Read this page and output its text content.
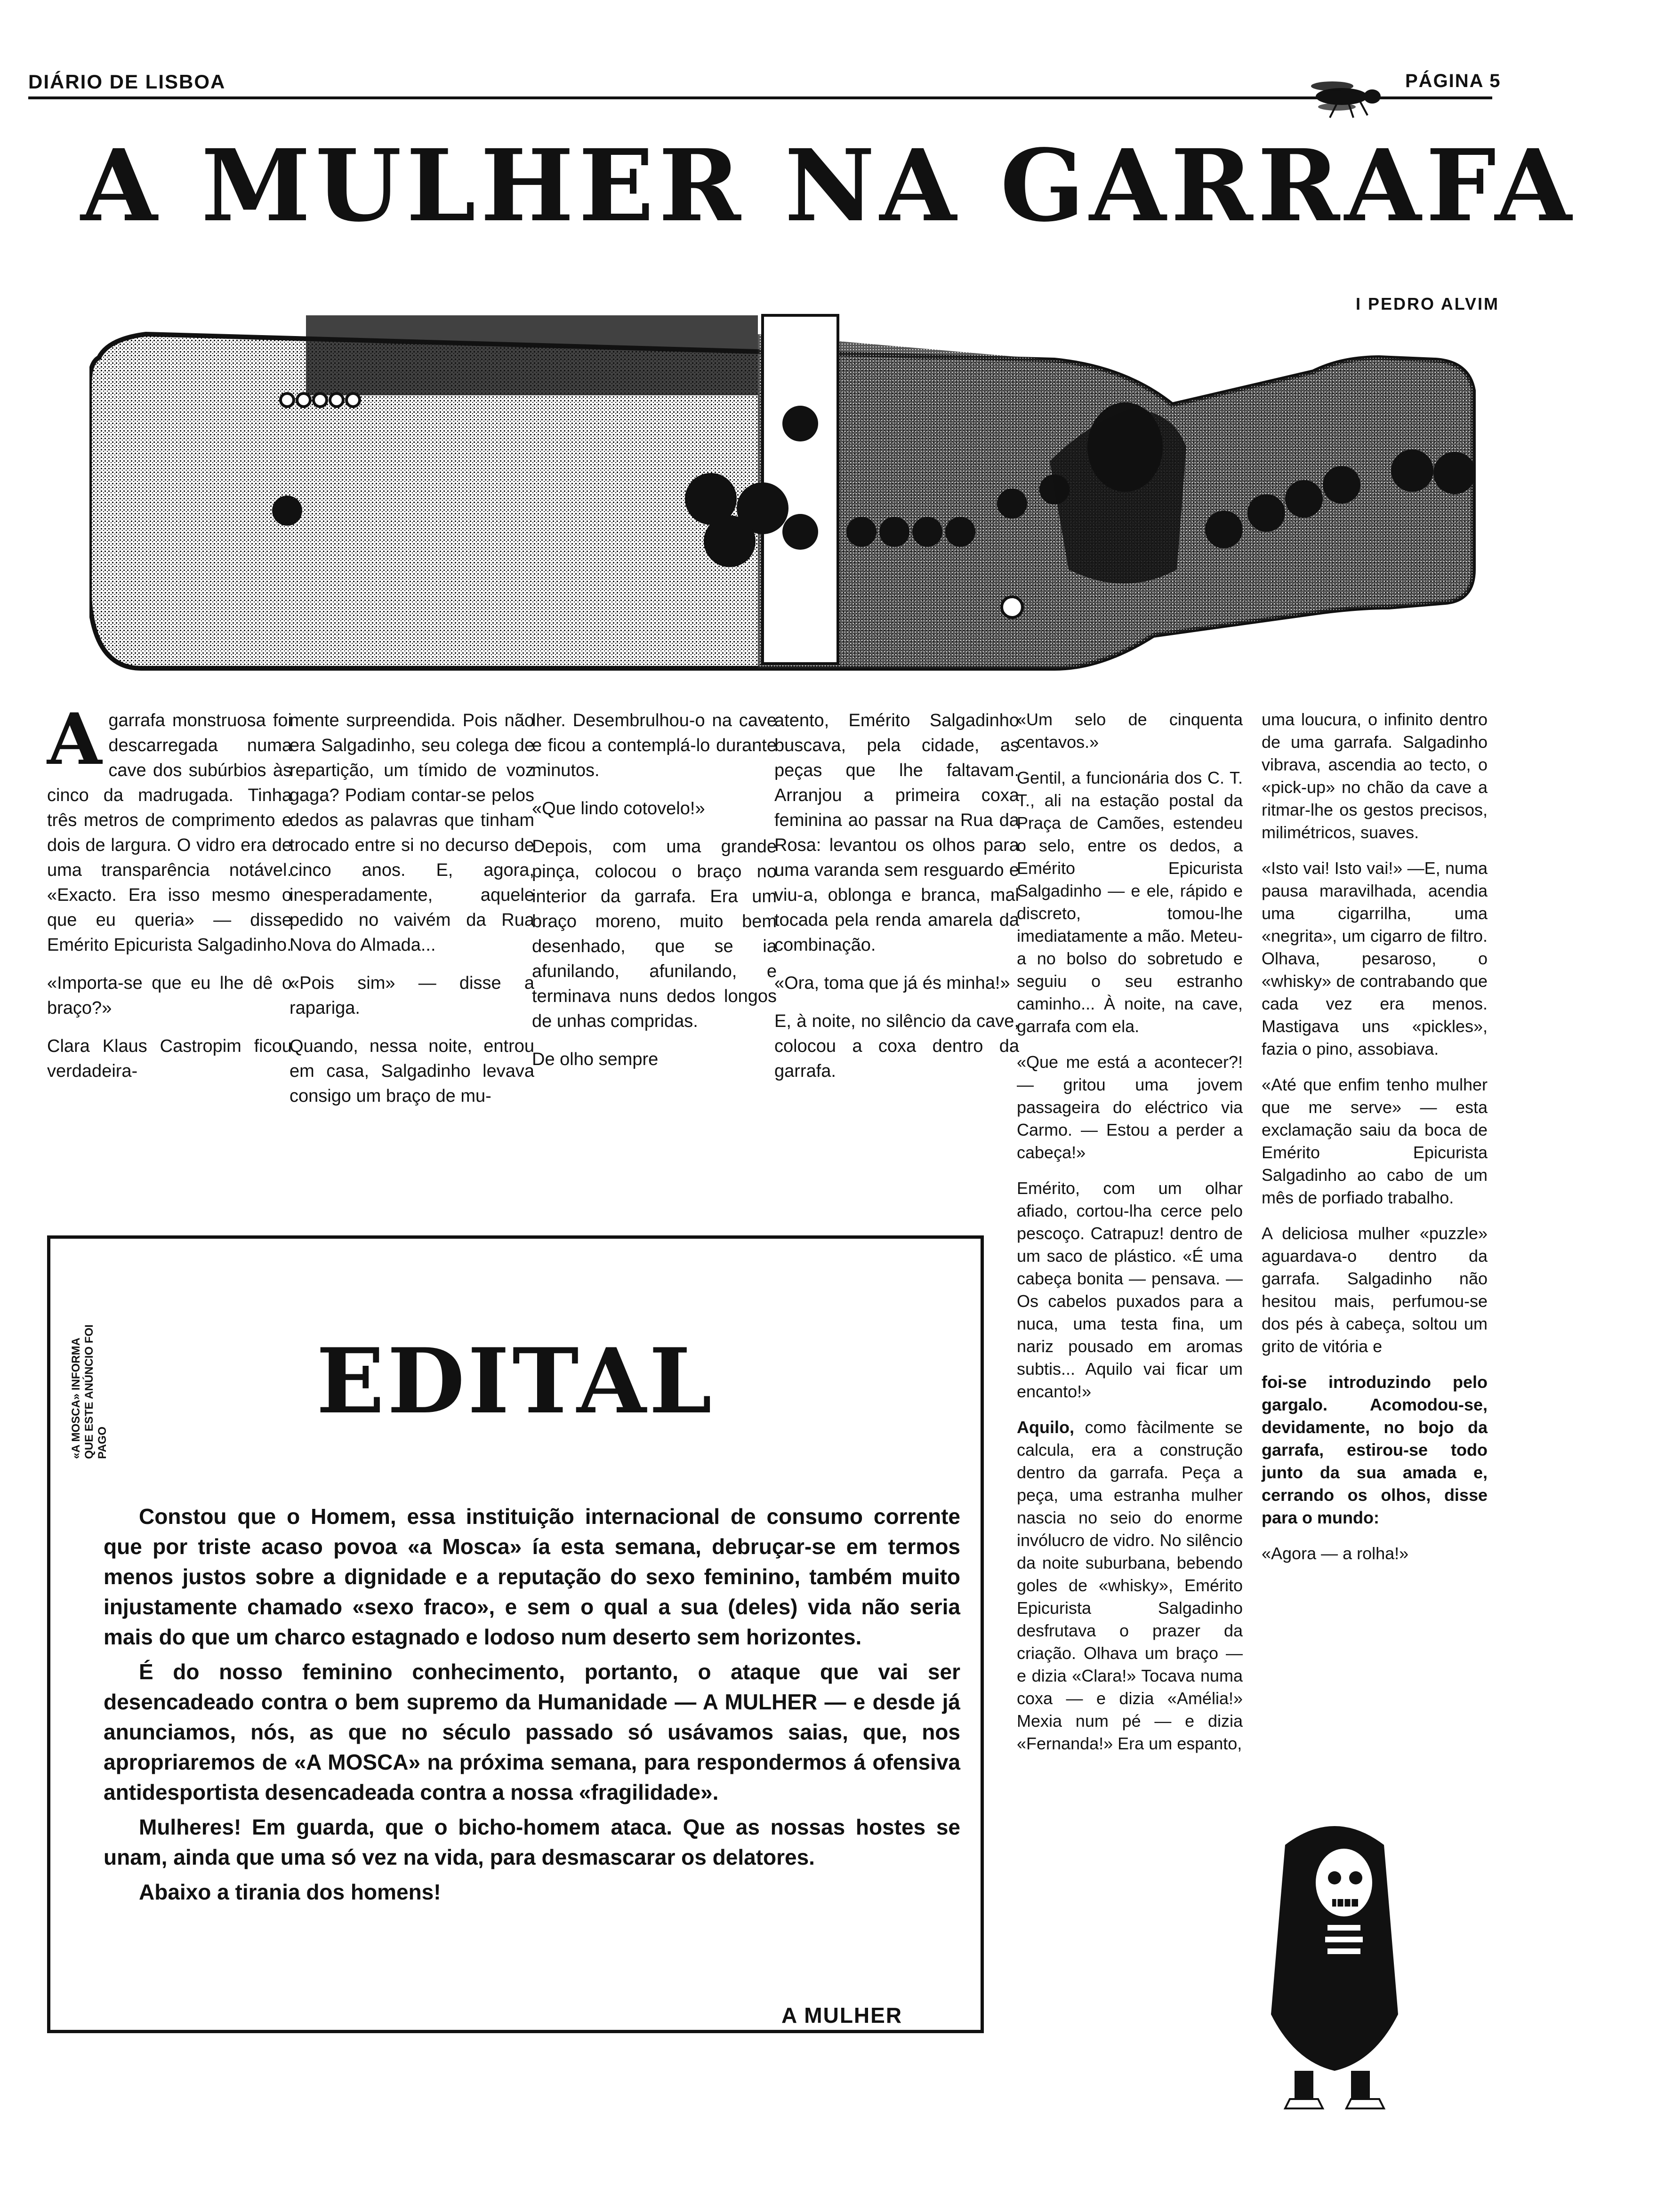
DIÁRIO DE LISBOA	PÁGINA 5
A MULHER NA GARRAFA
I PEDRO ALVIM

Agarrafa monstruosa foi descarregada numa cave dos subúrbios às cinco da madrugada. Tinha três metros de comprimento e dois de largura. O vidro era de uma transparência notável. «Exacto. Era isso mesmo o que eu queria» — disse Emérito Epicurista Salgadinho.

«Importa-se que eu lhe dê o braço?»

Clara Klaus Castropim ficou verdadeira-

mente surpreendida. Pois não era Salgadinho, seu colega de repartição, um tímido de voz gaga? Podiam contar-se pelos dedos as palavras que tinham trocado entre si no decurso de cinco anos. E, agora, inesperadamente, aquele pedido no vaivém da Rua Nova do Almada...

«Pois sim» — disse a rapariga.

Quando, nessa noite, entrou em casa, Salgadinho levava consigo um braço de mu-

lher. Desembrulhou-o na cave e ficou a contemplá-lo durante minutos.

«Que lindo cotovelo!»

Depois, com uma grande pinça, colocou o braço no interior da garrafa. Era um braço moreno, muito bem desenhado, que se ia afunilando, afunilando, e terminava nuns dedos longos de unhas compridas.

De olho sempre

atento, Emérito Salgadinho buscava, pela cidade, as peças que lhe faltavam. Arranjou a primeira coxa feminina ao passar na Rua da Rosa: levantou os olhos para uma varanda sem resguardo e viu-a, oblonga e branca, mal tocada pela renda amarela da combinação.

«Ora, toma que já és minha!»

E, à noite, no silêncio da cave, colocou a coxa dentro da garrafa.

«Um selo de cinquenta centavos.»

Gentil, a funcionária dos C. T. T., ali na estação postal da Praça de Camões, estendeu o selo, entre os dedos, a Emérito Epicurista Salgadinho — e ele, rápido e discreto, tomou-lhe imediatamente a mão. Meteu-a no bolso do sobretudo e seguiu o seu estranho caminho... À noite, na cave, garrafa com ela.

«Que me está a acontecer?! — gritou uma jovem passageira do eléctrico via Carmo. — Estou a perder a cabeça!»

Emérito, com um olhar afiado, cortou-lha cerce pelo pescoço. Catrapuz! dentro de um saco de plástico. «É uma cabeça bonita — pensava. — Os cabelos puxados para a nuca, uma testa fina, um nariz pousado em aromas subtis... Aquilo vai ficar um encanto!»

Aquilo, como fàcilmente se calcula, era a construção dentro da garrafa. Peça a peça, uma estranha mulher nascia no seio do enorme invólucro de vidro. No silêncio da noite suburbana, bebendo goles de «whisky», Emérito Epicurista Salgadinho desfrutava o prazer da criação. Olhava um braço — e dizia «Clara!» Tocava numa coxa — e dizia «Amélia!» Mexia num pé — e dizia «Fernanda!» Era um espanto,

uma loucura, o infinito dentro de uma garrafa. Salgadinho vibrava, ascendia ao tecto, o «pick-up» no chão da cave a ritmar-lhe os gestos precisos, milimétricos, suaves.

«Isto vai! Isto vai!» —E, numa pausa maravilhada, acendia uma cigarrilha, uma «negrita», um cigarro de filtro. Olhava, pesaroso, o «whisky» de contrabando que cada vez era menos. Mastigava uns «pickles», fazia o pino, assobiava.

«Até que enfim tenho mulher que me serve» — esta exclamação saiu da boca de Emérito Epicurista Salgadinho ao cabo de um mês de porfiado trabalho.

A deliciosa mulher «puzzle» aguardava-o dentro da garrafa. Salgadinho não hesitou mais, perfumou-se dos pés à cabeça, soltou um grito de vitória e

foi-se introduzindo pelo gargalo. Acomodou-se, devidamente, no bojo da garrafa, estirou-se todo junto da sua amada e, cerrando os olhos, disse para o mundo:

«Agora — a rolha!»

«A MOSCA» INFORMA QUE ESTE ANÚNCIO FOI PAGO
EDITAL

Constou que o Homem, essa instituição internacional de consumo corrente que por triste acaso povoa «a Mosca» ía esta semana, debruçar-se em termos menos justos sobre a dignidade e a reputação do sexo feminino, também muito injustamente chamado «sexo fraco», e sem o qual a sua (deles) vida não seria mais do que um charco estagnado e lodoso num deserto sem horizontes.

É do nosso feminino conhecimento, portanto, o ataque que vai ser desencadeado contra o bem supremo da Humanidade — A MULHER — e desde já anunciamos, nós, as que no século passado só usávamos saias, que, nos apropriaremos de «A MOSCA» na próxima semana, para respondermos á ofensiva antidesportista desencadeada contra a nossa «fragilidade».

Mulheres! Em guarda, que o bicho-homem ataca. Que as nossas hostes se unam, ainda que uma só vez na vida, para desmascarar os delatores.

Abaixo a tirania dos homens!

A MULHER
